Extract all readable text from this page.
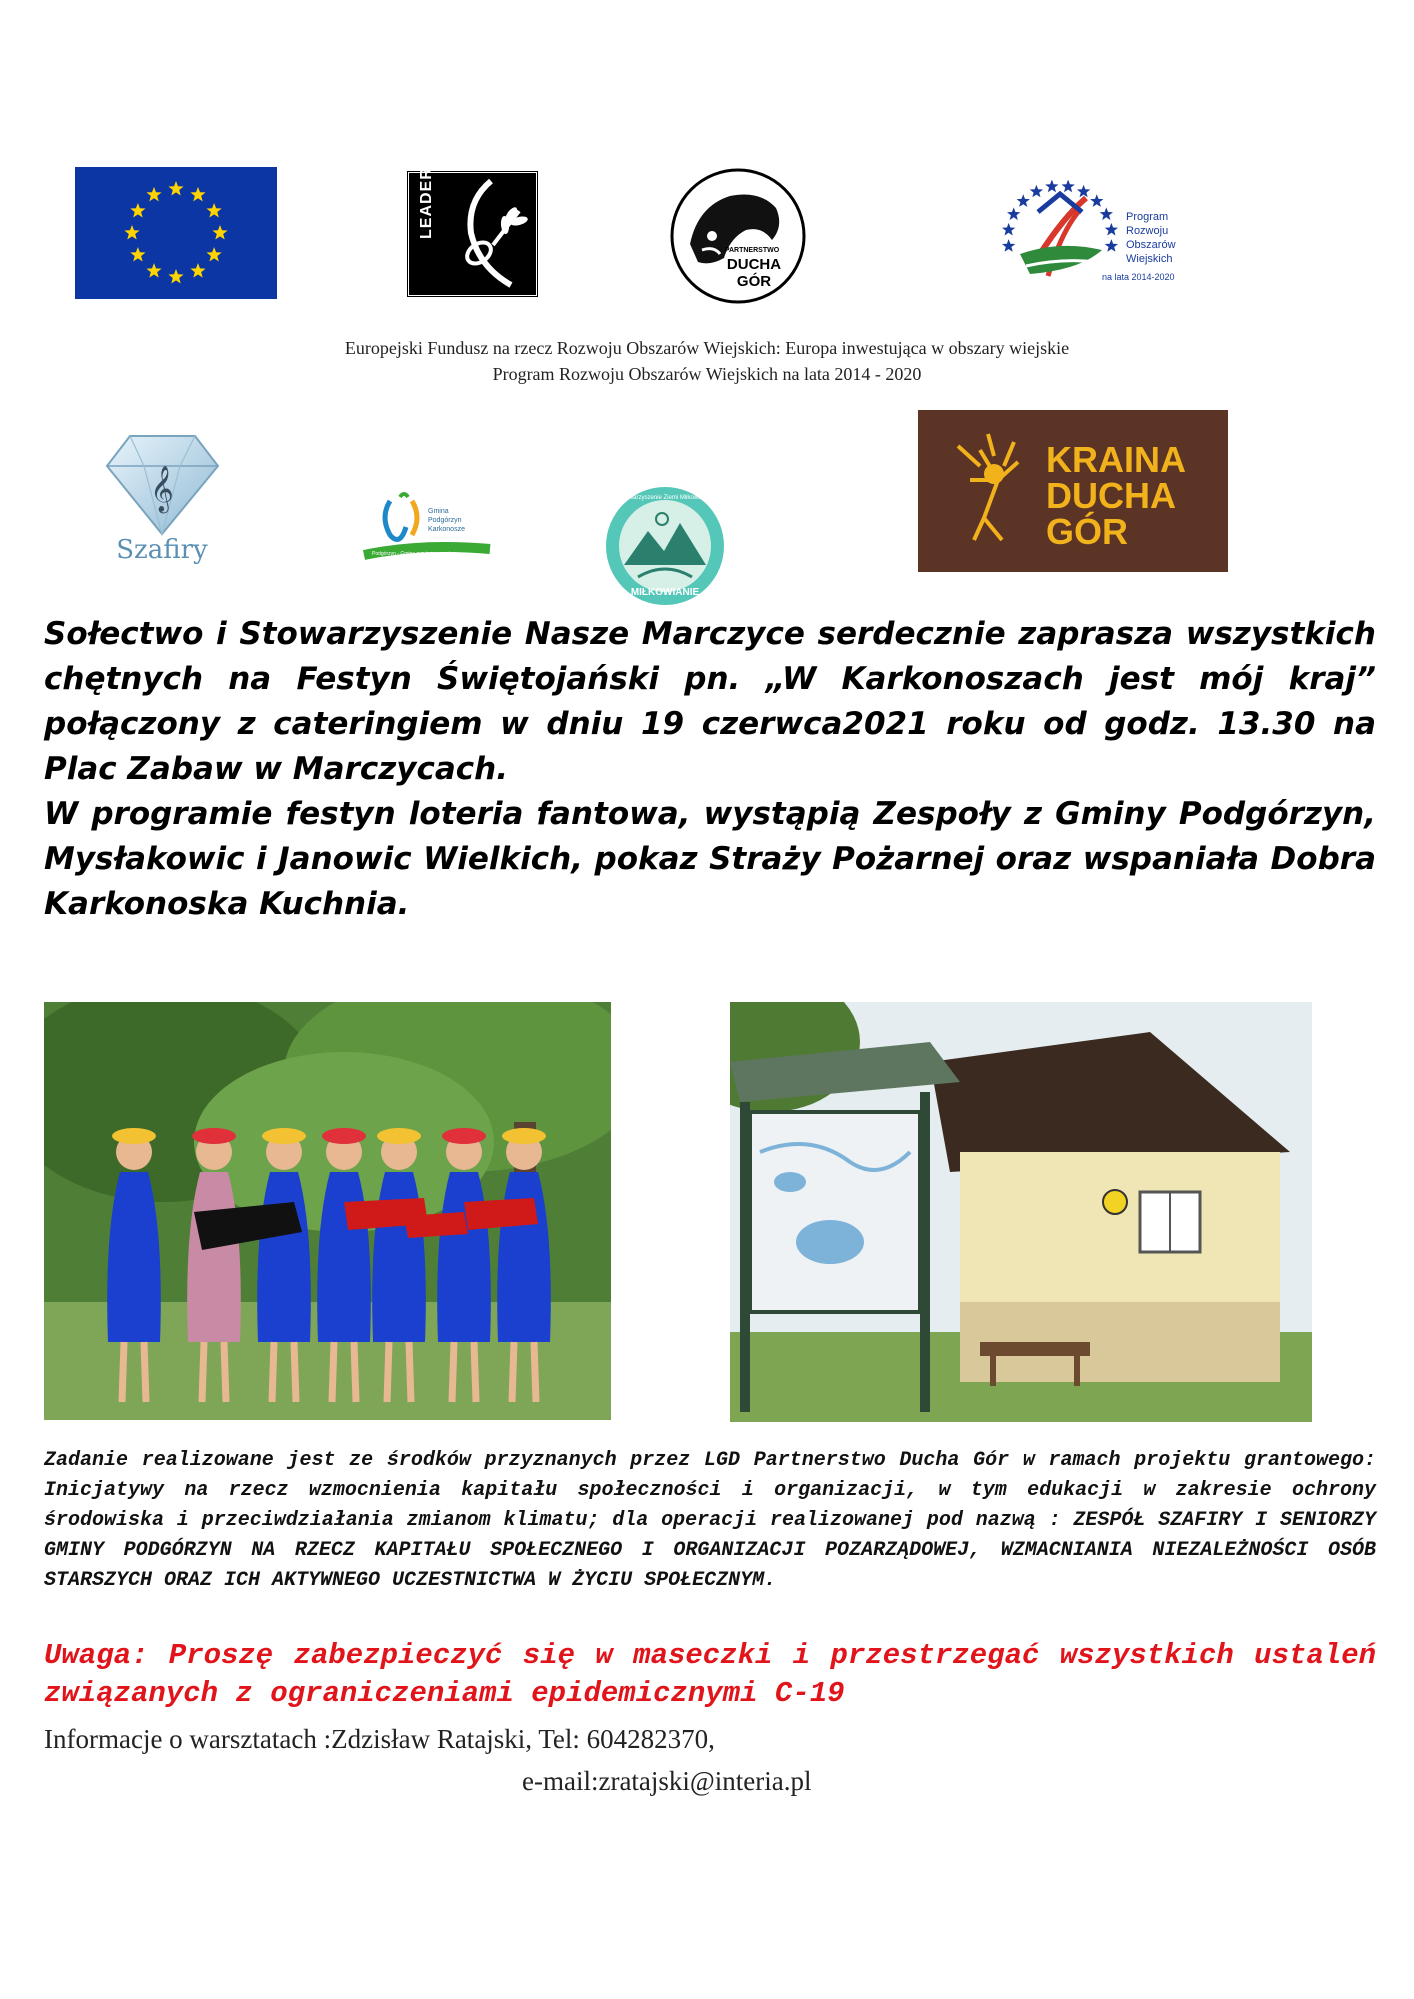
LEADER
PARTNERSTWO
DUCHA
GÓR
Program
Rozwoju
Obszarów
Wiejskich
na lata 2014-2020
Europejski Fundusz na rzecz Rozwoju Obszarów Wiejskich: Europa inwestująca w obszary wiejskie
Program Rozwoju Obszarów Wiejskich na lata 2014 - 2020
𝄞
Szafiry
Gmina
Podgórzyn
Karkonosze
Podgórzyn - Gmina przyjazna z natury
Stowarzyszenie Ziemi Miłkowskiej
MIŁKOWIANIE
KRAINA
DUCHA
GÓR

Sołectwo i Stowarzyszenie Nasze Marczyce serdecznie zaprasza wszystkich chętnych na Festyn Świętojański pn. „W Karkonoszach jest mój kraj” połączony z cateringiem w dniu 19 czerwca2021 roku od godz. 13.30 na Plac Zabaw w Marczycach.

W programie festyn loteria fantowa, wystąpią Zespoły z Gminy Podgórzyn, Mysłakowic i Janowic Wielkich, pokaz Straży Pożarnej oraz wspaniała Dobra Karkonoska Kuchnia.

Zadanie realizowane jest ze środków przyznanych przez LGD Partnerstwo Ducha Gór w ramach projektu grantowego: Inicjatywy na rzecz wzmocnienia kapitału społeczności i organizacji, w tym edukacji w zakresie ochrony środowiska i przeciwdziałania zmianom klimatu; dla operacji realizowanej pod nazwą : ZESPÓŁ SZAFIRY I SENIORZY GMINY PODGÓRZYN NA RZECZ KAPITAŁU SPOŁECZNEGO I ORGANIZACJI POZARZĄDOWEJ, WZMACNIANIA NIEZALEŻNOŚCI OSÓB STARSZYCH ORAZ ICH AKTYWNEGO UCZESTNICTWA W ŻYCIU SPOŁECZNYM.
Uwaga: Proszę zabezpieczyć się w maseczki i przestrzegać wszystkich ustaleń związanych z ograniczeniami epidemicznymi C-19
Informacje o warsztatach :Zdzisław Ratajski, Tel: 604282370,
e-mail:zratajski@interia.pl
